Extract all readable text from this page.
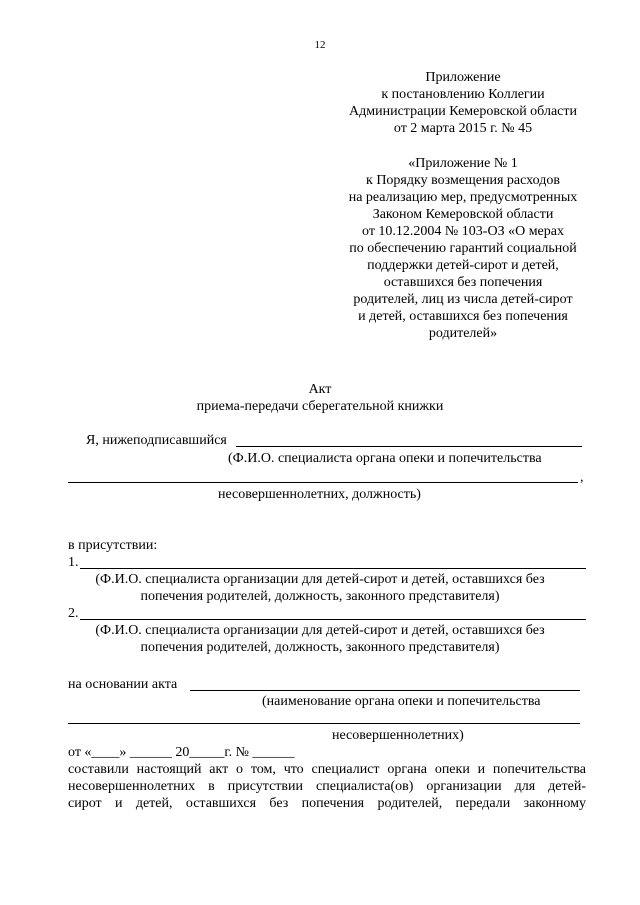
12
Приложение
к постановлению Коллегии
Администрации Кемеровской области
от 2 марта 2015 г. № 45
«Приложение № 1
к Порядку возмещения расходов
на реализацию мер, предусмотренных
Законом Кемеровской области
от 10.12.2004 № 103-ОЗ «О мерах
по обеспечению гарантий социальной
поддержки детей-сирот и детей,
оставшихся без попечения
родителей, лиц из числа детей-сирот
и детей, оставшихся без попечения
родителей»
Акт
приема-передачи сберегательной книжки
Я, нижеподписавшийся
(Ф.И.О. специалиста органа опеки и попечительства
,
несовершеннолетних, должность)
в присутствии:
1.
(Ф.И.О. специалиста организации для детей-сирот и детей, оставшихся без
попечения родителей, должность, законного представителя)
2.
(Ф.И.О. специалиста организации для детей-сирот и детей, оставшихся без
попечения родителей, должность, законного представителя)
на основании акта
(наименование органа опеки и попечительства
несовершеннолетних)
от «____» ______ 20_____г. № ______
составили настоящий акт о том, что специалист органа опеки и попечительства
несовершеннолетних в присутствии специалиста(ов) организации для детей-
сирот и детей, оставшихся без попечения родителей, передали законному
